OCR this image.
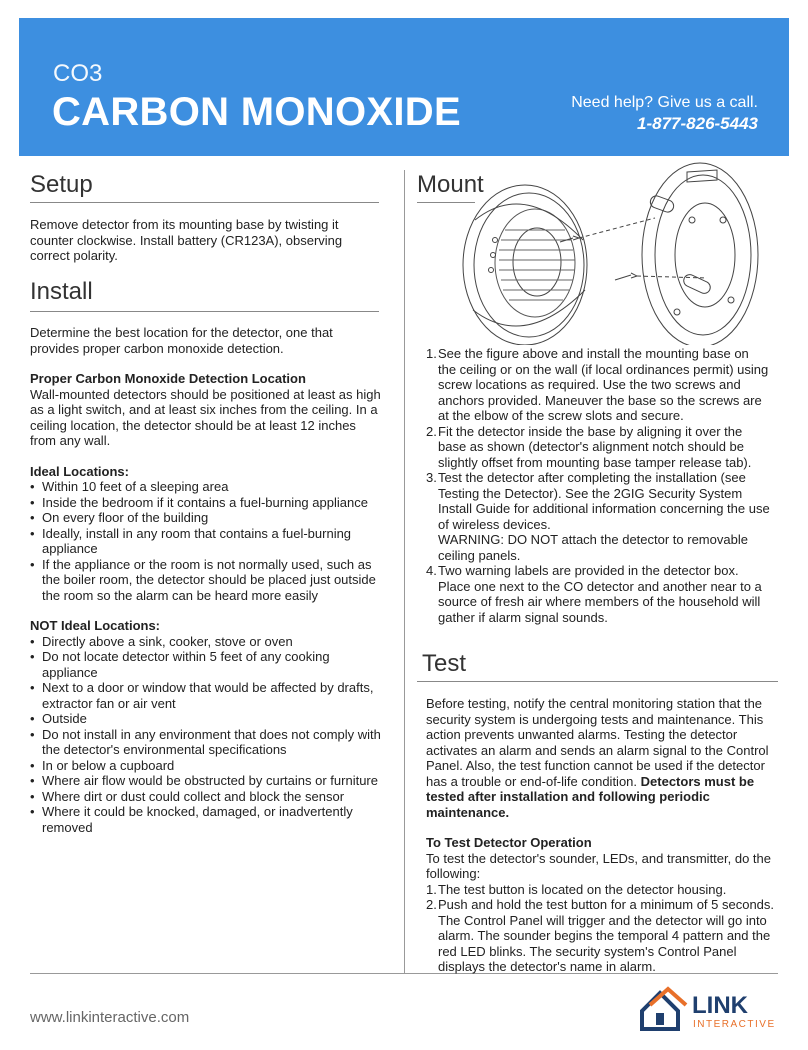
CO3
CARBON MONOXIDE	Need help? Give us a call.
1-877-826-5443
Setup
Remove detector from its mounting base by twisting it counter clockwise. Install battery (CR123A), observing correct polarity.
Install

Determine the best location for the detector, one that provides proper carbon monoxide detection.

Proper Carbon Monoxide Detection Location

Wall-mounted detectors should be positioned at least as high as a light switch, and at least six inches from the ceiling. In a ceiling location, the detector should be at least 12 inches from any wall.

Ideal Locations:

• Within 10 feet of a sleeping area
• Inside the bedroom if it contains a fuel-burning appliance
• On every floor of the building
• Ideally, install in any room that contains a fuel-burning appliance
• If the appliance or the room is not normally used, such as the boiler room, the detector should be placed just outside the room so the alarm can be heard more easily

NOT Ideal Locations:

• Directly above a sink, cooker, stove or oven
• Do not locate detector within 5 feet of any cooking appliance
• Next to a door or window that would be affected by drafts, extractor fan or air vent
• Outside
• Do not install in any environment that does not comply with the detector's environmental specifications
• In or below a cupboard
• Where air flow would be obstructed by curtains or furniture
• Where dirt or dust could collect and block the sensor
• Where it could be knocked, damaged, or inadvertently removed
Mount
1. See the figure above and install the mounting base on the ceiling or on the wall (if local ordinances permit) using screw locations as required. Use the two screws and anchors provided. Maneuver the base so the screws are at the elbow of the screw slots and secure.
2. Fit the detector inside the base by aligning it over the base as shown (detector's alignment notch should be slightly offset from mounting base tamper release tab).
3. Test the detector after completing the installation (see Testing the Detector). See the 2GIG Security System Install Guide for additional information concerning the use of wireless devices.
WARNING: DO NOT attach the detector to removable ceiling panels.
4. Two warning labels are provided in the detector box. Place one next to the CO detector and another near to a source of fresh air where members of the household will gather if alarm signal sounds.
Test

Before testing, notify the central monitoring station that the security system is undergoing tests and maintenance. This action prevents unwanted alarms. Testing the detector activates an alarm and sends an alarm signal to the Control Panel. Also, the test function cannot be used if the detector has a trouble or end-of-life condition. Detectors must be tested after installation and following periodic maintenance.

To Test Detector Operation

To test the detector's sounder, LEDs, and transmitter, do the following:

1. The test button is located on the detector housing.
2. Push and hold the test button for a minimum of 5 seconds. The Control Panel will trigger and the detector will go into alarm. The sounder begins the temporal 4 pattern and the red LED blinks. The security system's Control Panel displays the detector's name in alarm.
www.linkinteractive.com	LINK
INTERACTIVE
